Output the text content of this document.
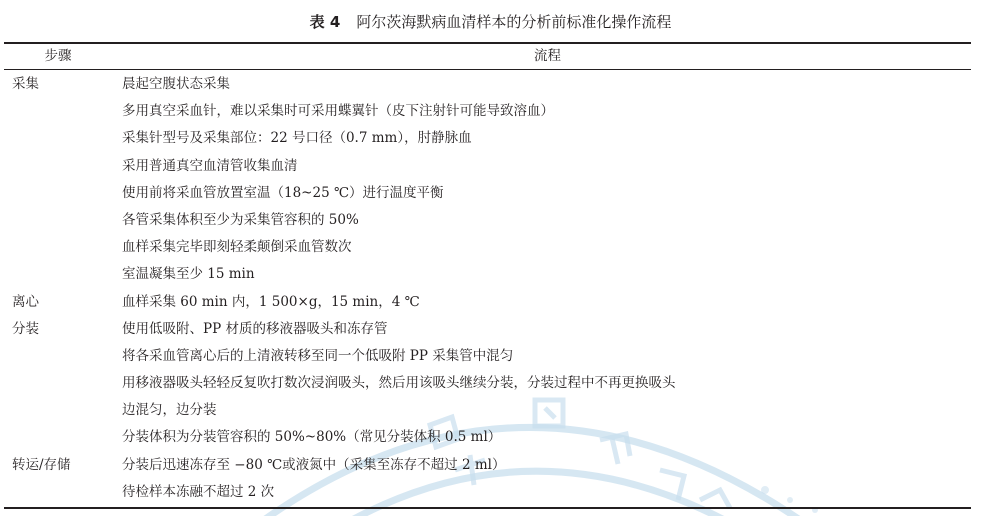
表 4 阿尔茨海默病血清样本的分析前标准化操作流程
步骤	流程
采集	晨起空腹状态采集
多用真空采血针，难以采集时可采用蝶翼针（皮下注射针可能导致溶血）
采集针型号及采集部位：22 号口径（0.7 mm），肘静脉血
采用普通真空血清管收集血清
使用前将采血管放置室温（18~25 ℃）进行温度平衡
各管采集体积至少为采集管容积的 50%
血样采集完毕即刻轻柔颠倒采血管数次
室温凝集至少 15 min
离心	血样采集 60 min 内，1 500×g，15 min，4 ℃
分装	使用低吸附、PP 材质的移液器吸头和冻存管
将各采血管离心后的上清液转移至同一个低吸附 PP 采集管中混匀
用移液器吸头轻轻反复吹打数次浸润吸头，然后用该吸头继续分装，分装过程中不再更换吸头
边混匀，边分装
分装体积为分装管容积的 50%~80%（常见分装体积 0.5 ml）
转运/存储	分装后迅速冻存至 −80 ℃或液氮中（采集至冻存不超过 2 ml）
待检样本冻融不超过 2 次
